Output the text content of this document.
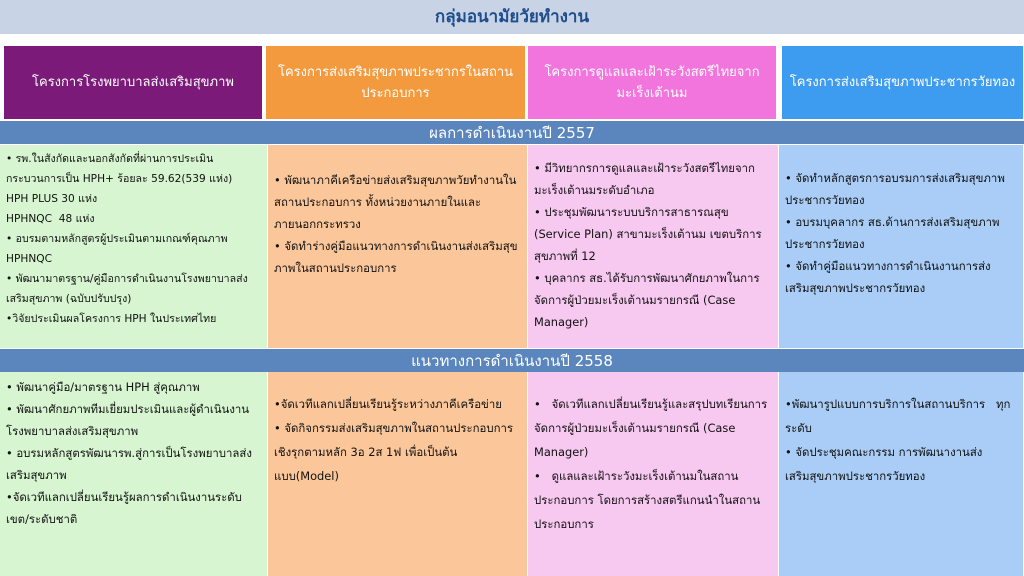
กลุ่มอนามัยวัยทำงาน
โครงการโรงพยาบาลส่งเสริมสุขภาพ
โครงการส่งเสริมสุขภาพประชากรในสถานประกอบการ
โครงการดูแลและเฝ้าระวังสตรีไทยจากมะเร็งเต้านม
โครงการส่งเสริมสุขภาพประชากรวัยทอง
ผลการดำเนินงานปี 2557

• รพ.ในสังกัดและนอกสังกัดที่ผ่านการประเมินกระบวนการเป็น HPH+ ร้อยละ 59.62(539 แห่ง)

HPH PLUS 30 แห่ง

HPHNQC  48 แห่ง

• อบรมตามหลักสูตรผู้ประเมินตามเกณฑ์คุณภาพ HPHNQC

• พัฒนามาตรฐาน/คู่มือการดำเนินงานโรงพยาบาลส่งเสริมสุขภาพ (ฉบับปรับปรุง)

•วิจัยประเมินผลโครงการ HPH ในประเทศไทย

• พัฒนาภาคีเครือข่ายส่งเสริมสุขภาพวัยทำงานในสถานประกอบการ ทั้งหน่วยงานภายในและภายนอกกระทรวง

• จัดทำร่างคู่มือแนวทางการดำเนินงานส่งเสริมสุขภาพในสถานประกอบการ

• มีวิทยากรการดูแลและเฝ้าระวังสตรีไทยจากมะเร็งเต้านมระดับอำเภอ

• ประชุมพัฒนาระบบบริการสาธารณสุข (Service Plan) สาขามะเร็งเต้านม เขตบริการสุขภาพที่ 12

• บุคลากร สธ.ได้รับการพัฒนาศักยภาพในการจัดการผู้ป่วยมะเร็งเต้านมรายกรณี (Case Manager)

• จัดทำหลักสูตรการอบรมการส่งเสริมสุขภาพประชากรวัยทอง

• อบรมบุคลากร สธ.ด้านการส่งเสริมสุขภาพประชากรวัยทอง

• จัดทำคู่มือแนวทางการดำเนินงานการส่งเสริมสุขภาพประชากรวัยทอง

แนวทางการดำเนินงานปี 2558

• พัฒนาคู่มือ/มาตรฐาน HPH สู่คุณภาพ

• พัฒนาศักยภาพทีมเยี่ยมประเมินและผู้ดำเนินงานโรงพยาบาลส่งเสริมสุขภาพ

• อบรมหลักสูตรพัฒนารพ.สู่การเป็นโรงพยาบาลส่งเสริมสุขภาพ

•จัดเวทีแลกเปลี่ยนเรียนรู้ผลการดำเนินงานระดับเขต/ระดับชาติ

•จัดเวทีแลกเปลี่ยนเรียนรู้ระหว่างภาคีเครือข่าย

• จัดกิจกรรมส่งเสริมสุขภาพในสถานประกอบการเชิงรุกตามหลัก 3อ 2ส 1ฟ เพื่อเป็นต้นแบบ(Model)

•   จัดเวทีแลกเปลี่ยนเรียนรู้และสรุปบทเรียนการจัดการผู้ป่วยมะเร็งเต้านมรายกรณี (Case Manager)

•   ดูแลและเฝ้าระวังมะเร็งเต้านมในสถานประกอบการ โดยการสร้างสตรีแกนนำในสถานประกอบการ

•พัฒนารูปแบบการบริการในสถานบริการ   ทุกระดับ

• จัดประชุมคณะกรรม การพัฒนางานส่งเสริมสุขภาพประชากรวัยทอง
